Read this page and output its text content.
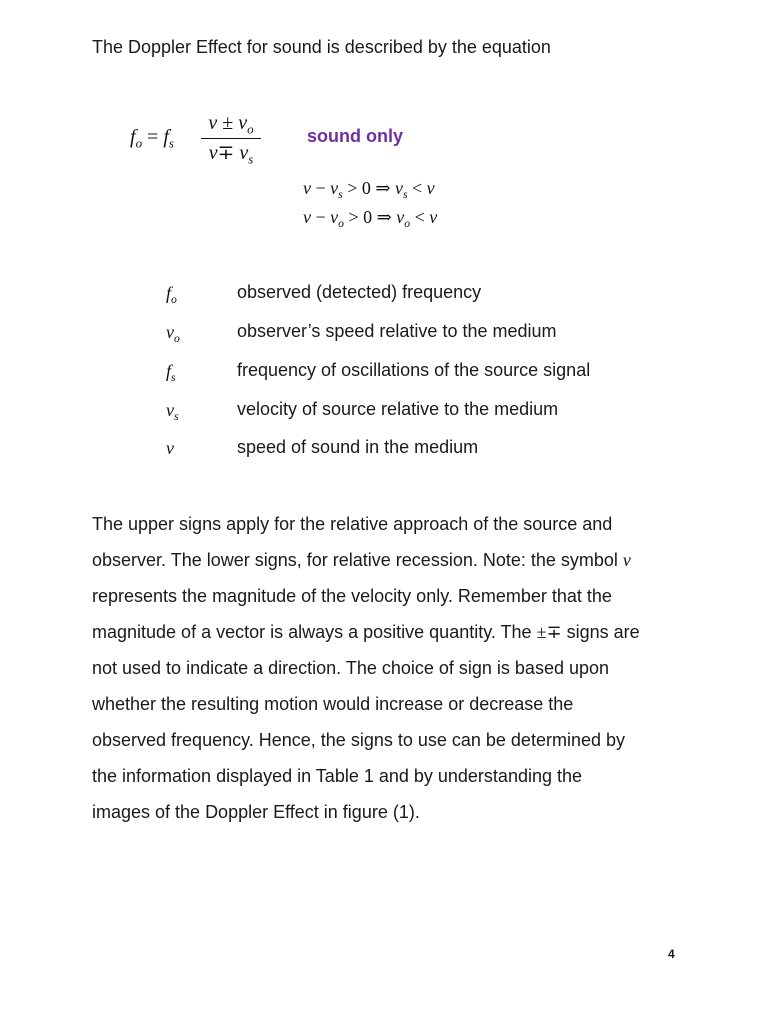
The Doppler Effect for sound is described by the equation
$f_o = f_s$
$v \pm v_o$
$v\mp v_s$
sound only
$v - v_s > 0$ ⇒ $v_s < v$
$v - v_o > 0$ ⇒ $v_o < v$
$f_o$	observed (detected) frequency
$v_o$	observer’s speed relative to the medium
$f_s$	frequency of oscillations of the source signal
$v_s$	velocity of source relative to the medium
v	speed of sound in the medium
The upper signs apply for the relative approach of the source and
observer. The lower signs, for relative recession. Note: the symbol v
represents the magnitude of the velocity only. Remember that the
magnitude of a vector is always a positive quantity. The ±∓ signs are
not used to indicate a direction. The choice of sign is based upon
whether the resulting motion would increase or decrease the
observed frequency. Hence, the signs to use can be determined by
the information displayed in Table 1 and by understanding the
images of the Doppler Effect in figure (1).
4
